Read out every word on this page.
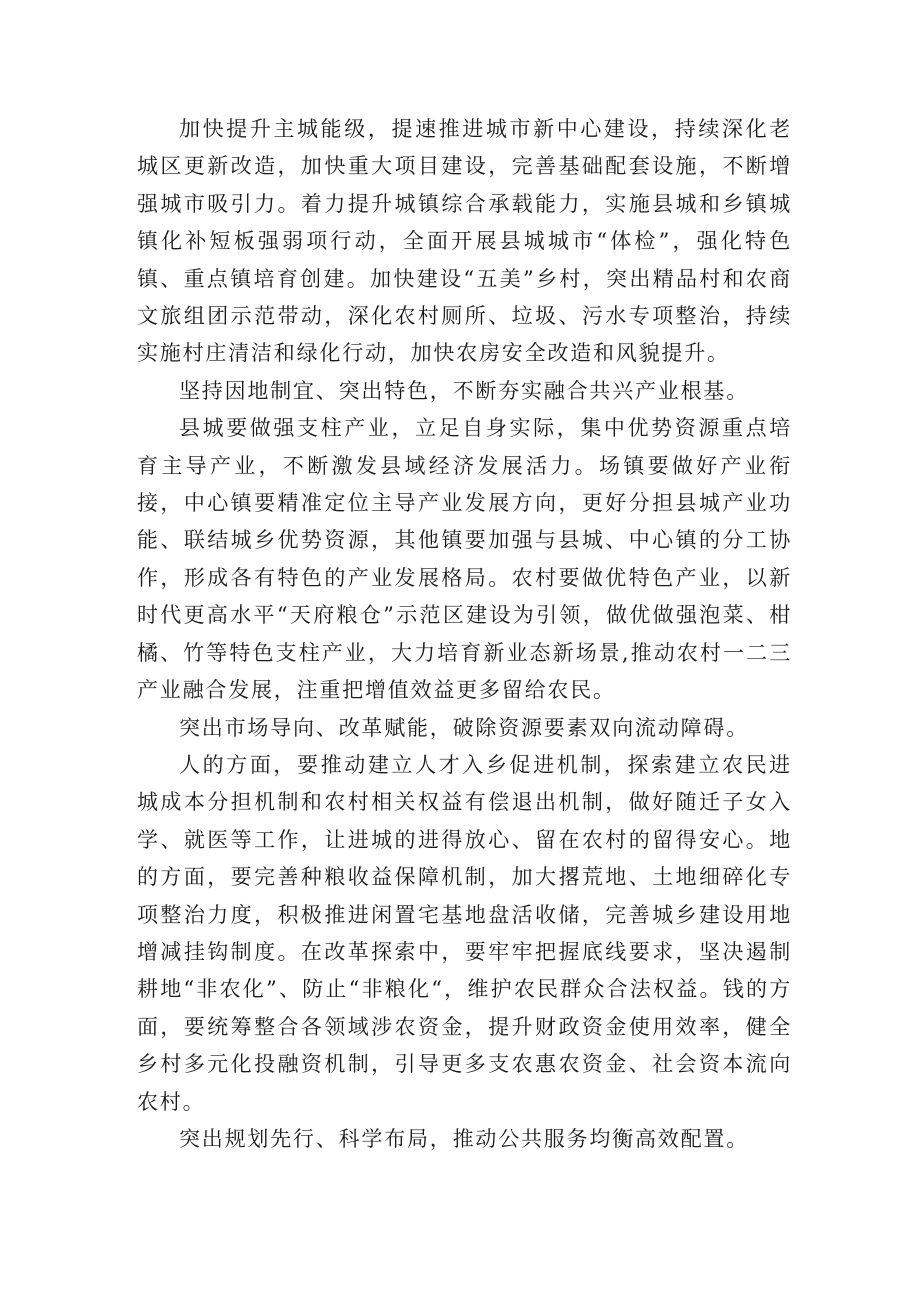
加快提升主城能级，提速推进城市新中心建设，持续深化老城区更新改造，加快重大项目建设，完善基础配套设施，不断增强城市吸引力。着力提升城镇综合承载能力，实施县城和乡镇城镇化补短板强弱项行动，全面开展县城城市“体检”，强化特色镇、重点镇培育创建。加快建设“五美”乡村，突出精品村和农商文旅组团示范带动，深化农村厕所、垃圾、污水专项整治，持续实施村庄清洁和绿化行动，加快农房安全改造和风貌提升。

坚持因地制宜、突出特色，不断夯实融合共兴产业根基。

县城要做强支柱产业，立足自身实际，集中优势资源重点培育主导产业，不断激发县域经济发展活力。场镇要做好产业衔接，中心镇要精准定位主导产业发展方向，更好分担县城产业功能、联结城乡优势资源，其他镇要加强与县城、中心镇的分工协作，形成各有特色的产业发展格局。农村要做优特色产业，以新时代更高水平“天府粮仓”示范区建设为引领，做优做强泡菜、柑橘、竹等特色支柱产业，大力培育新业态新场景,推动农村一二三产业融合发展，注重把增值效益更多留给农民。

突出市场导向、改革赋能，破除资源要素双向流动障碍。

人的方面，要推动建立人才入乡促进机制，探索建立农民进城成本分担机制和农村相关权益有偿退出机制，做好随迁子女入学、就医等工作，让进城的进得放心、留在农村的留得安心。地的方面，要完善种粮收益保障机制，加大撂荒地、土地细碎化专项整治力度，积极推进闲置宅基地盘活收储，完善城乡建设用地增减挂钩制度。在改革探索中，要牢牢把握底线要求，坚决遏制耕地“非农化”、防止“非粮化“，维护农民群众合法权益。钱的方面，要统筹整合各领域涉农资金，提升财政资金使用效率，健全乡村多元化投融资机制，引导更多支农惠农资金、社会资本流向农村。

突出规划先行、科学布局，推动公共服务均衡高效配置。
